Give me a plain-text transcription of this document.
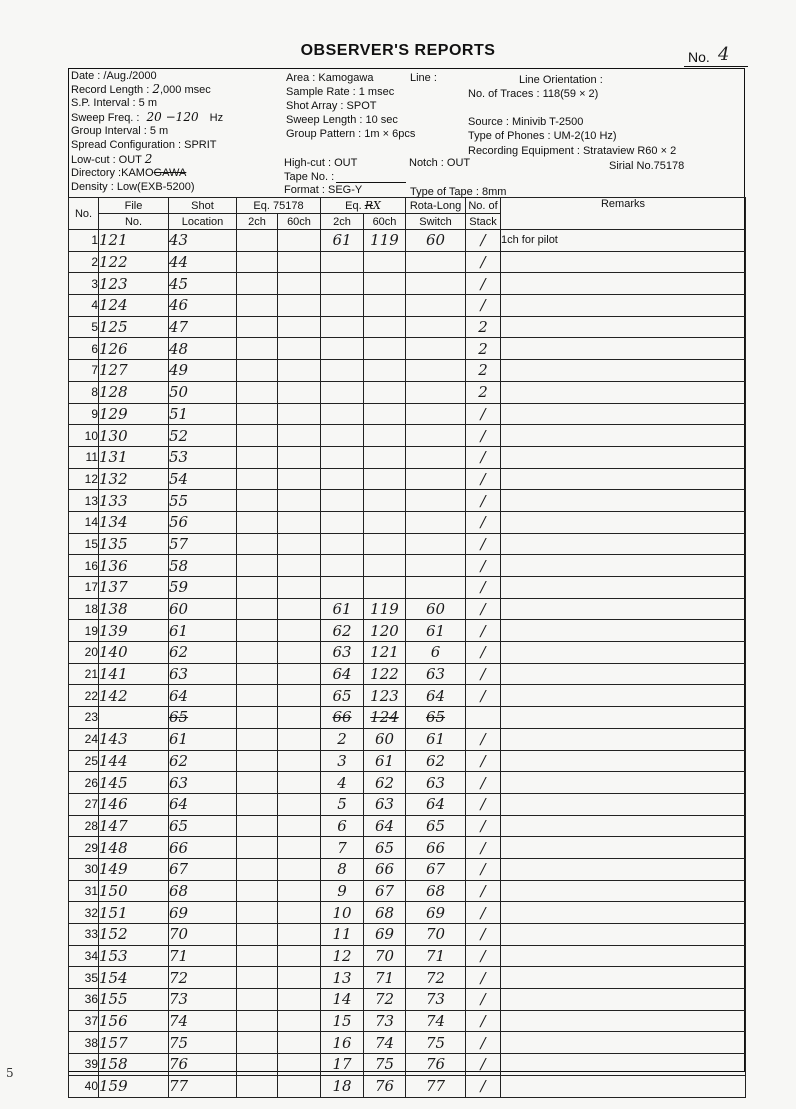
OBSERVER'S REPORTS	No. 4
Date : /Aug./2000
Record Length : 2,000 msec
S.P. Interval : 5 m
Sweep Freq. : 20 −120 Hz
Group Interval : 5 m
Spread Configuration : SPRIT
Low-cut : OUT 2
Directory :KAMOGAWA
Density : Low(EXB-5200)
Area : Kamogawa	Line :
Sample Rate : 1 msec
Shot Array : SPOT
Sweep Length : 10 sec
Group Pattern : 1m × 6pcs
High-cut : OUT	Notch : OUT
Tape No. :
Format : SEG-Y	Type of Tape : 8mm
Line Orientation :
No. of Traces : 118(59 × 2)
Source : Minivib T-2500
Type of Phones : UM-2(10 Hz)
Recording Equipment : Strataview R60 × 2
Sirial No.75178
No.	File	Shot	Eq. 75178		Eq. RX		Rota-Long	No. of	Remarks
	No.	Location	2ch	60ch	2ch	60ch	Switch	Stack	
1	121	43			61	119	60	/	1ch for pilot
2	122	44						/	
3	123	45						/	
4	124	46						/	
5	125	47						2	
6	126	48						2	
7	127	49						2	
8	128	50						2	
9	129	51						/	
10	130	52						/	
11	131	53						/	
12	132	54						/	
13	133	55						/	
14	134	56						/	
15	135	57						/	
16	136	58						/	
17	137	59						/	
18	138	60			61	119	60	/	
19	139	61			62	120	61	/	
20	140	62			63	121	6	/	
21	141	63			64	122	63	/	
22	142	64			65	123	64	/	
23		65			66	124	65		
24	143	61			2	60	61	/	
25	144	62			3	61	62	/	
26	145	63			4	62	63	/	
27	146	64			5	63	64	/	
28	147	65			6	64	65	/	
29	148	66			7	65	66	/	
30	149	67			8	66	67	/	
31	150	68			9	67	68	/	
32	151	69			10	68	69	/	
33	152	70			11	69	70	/	
34	153	71			12	70	71	/	
35	154	72			13	71	72	/	
36	155	73			14	72	73	/	
37	156	74			15	73	74	/	
38	157	75			16	74	75	/	
39	158	76			17	75	76	/	
40	159	77			18	76	77	/	
5
